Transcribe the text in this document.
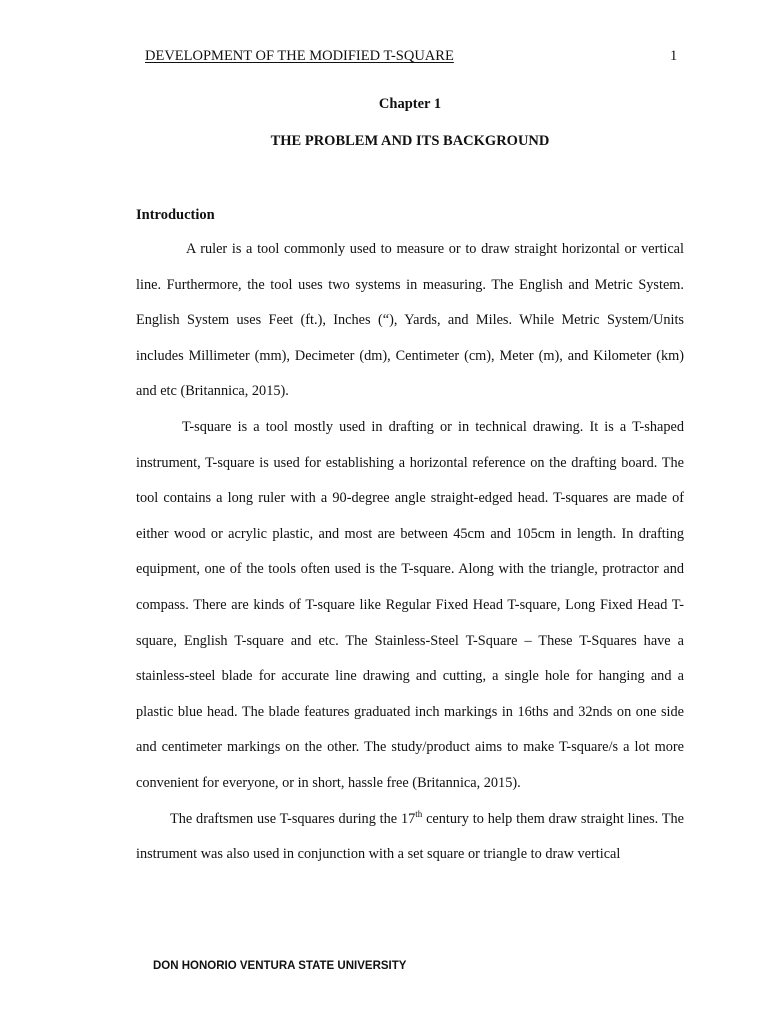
DEVELOPMENT OF THE MODIFIED T-SQUARE	1
Chapter 1
THE PROBLEM AND ITS BACKGROUND
Introduction

A ruler is a tool commonly used to measure or to draw straight horizontal or vertical line. Furthermore, the tool uses two systems in measuring. The English and Metric System. English System uses Feet (ft.), Inches (“), Yards, and Miles. While Metric System/Units includes Millimeter (mm), Decimeter (dm), Centimeter (cm), Meter (m), and Kilometer (km) and etc (Britannica, 2015).

T-square is a tool mostly used in drafting or in technical drawing. It is a T-shaped instrument, T-square is used for establishing a horizontal reference on the drafting board. The tool contains a long ruler with a 90-degree angle straight-edged head. T-squares are made of either wood or acrylic plastic, and most are between 45cm and 105cm in length. In drafting equipment, one of the tools often used is the T-square. Along with the triangle, protractor and compass. There are kinds of T-square like Regular Fixed Head T-square, Long Fixed Head T-square, English T-square and etc. The Stainless-Steel T-Square – These T-Squares have a stainless-steel blade for accurate line drawing and cutting, a single hole for hanging and a plastic blue head. The blade features graduated inch markings in 16ths and 32nds on one side and centimeter markings on the other. The study/product aims to make T-square/s a lot more convenient for everyone, or in short, hassle free (Britannica, 2015).

The draftsmen use T-squares during the 17th century to help them draw straight lines. The instrument was also used in conjunction with a set square or triangle to draw vertical

DON HONORIO VENTURA STATE UNIVERSITY
